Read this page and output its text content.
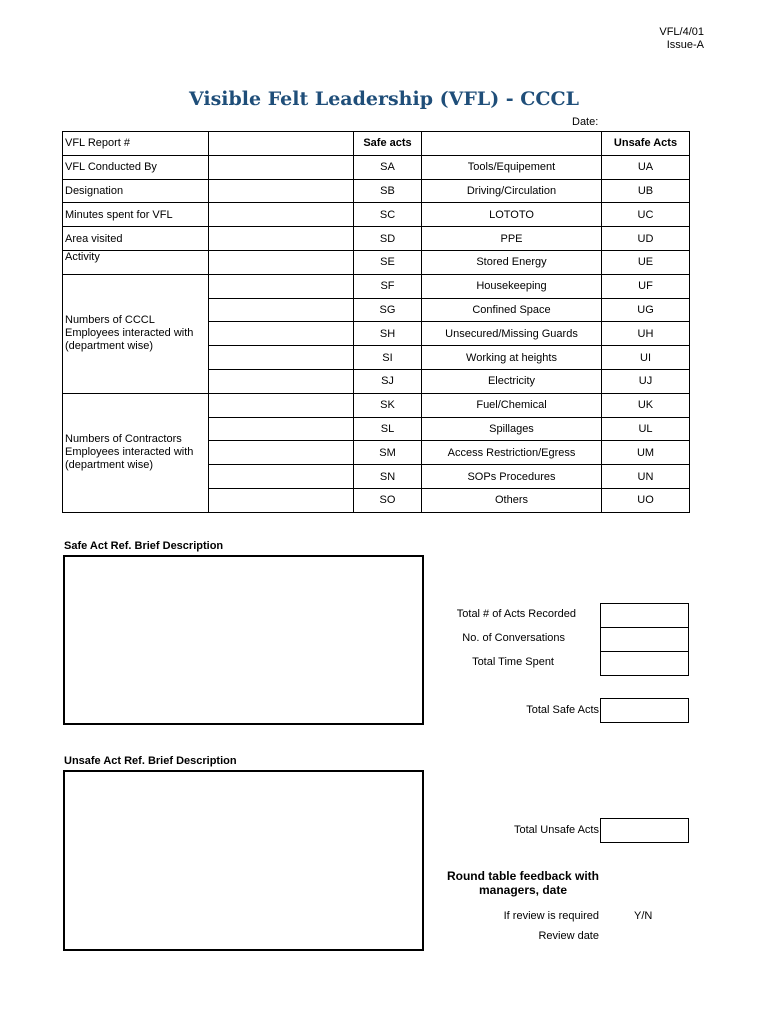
VFL/4/01
Issue-A
Visible Felt Leadership (VFL) - CCCL
Date:
VFL Report #		Safe acts		Unsafe Acts
VFL Conducted By		SA	Tools/Equipement	UA
Designation		SB	Driving/Circulation	UB
Minutes spent for VFL		SC	LOTOTO	UC
Area visited		SD	PPE	UD
Activity		SE	Stored Energy	UE
Numbers of CCCL Employees interacted with (department wise)		SF	Housekeeping	UF
		SG	Confined Space	UG
		SH	Unsecured/Missing Guards	UH
		SI	Working at heights	UI
		SJ	Electricity	UJ
Numbers of Contractors Employees interacted with (department wise)		SK	Fuel/Chemical	UK
		SL	Spillages	UL
		SM	Access Restriction/Egress	UM
		SN	SOPs Procedures	UN
		SO	Others	UO
Safe Act Ref. Brief Description
Total # of Acts Recorded
No. of Conversations
Total Time Spent
Total Safe Acts
Unsafe Act Ref. Brief Description
Total Unsafe Acts
Round table feedback with managers, date
If review is required	Y/N
Review date
